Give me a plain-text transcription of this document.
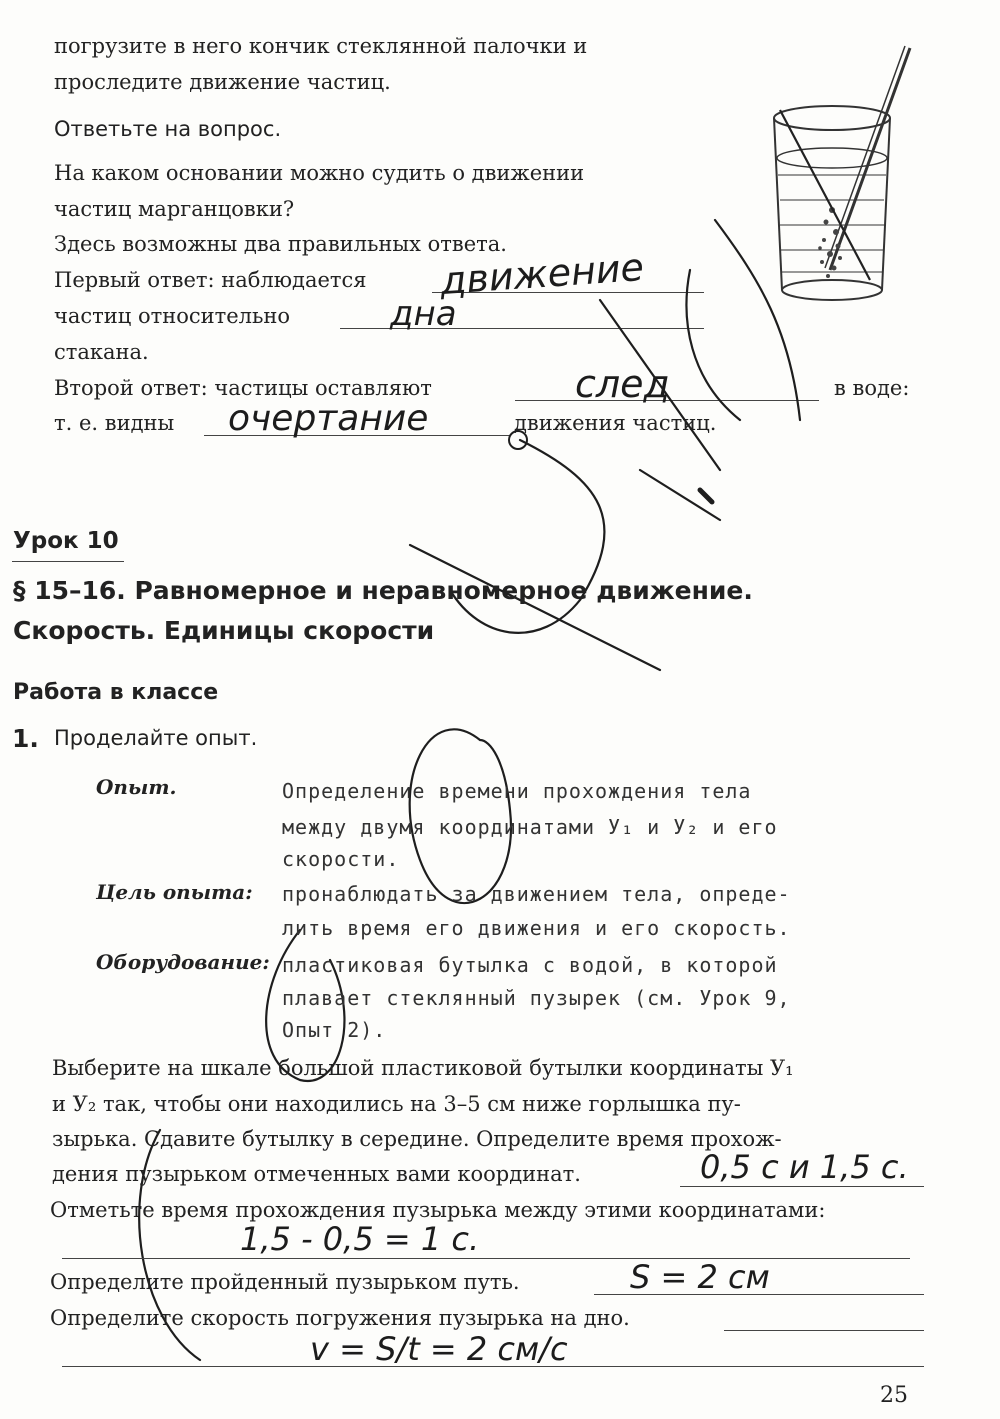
погрузите в него кончик стеклянной палочки и
проследите движение частиц.
Ответьте на вопрос.
На каком основании можно судить о движении
частиц марганцовки?
Здесь возможны два правильных ответа.
Первый ответ: наблюдается
частиц относительно
стакана.
Второй ответ: частицы оставляют	в воде:
т. е. видны	движения частиц.
движение
дна
след
очертание
Урок 10
§ 15–16. Равномерное и неравномерное движение.
Скорость. Единицы скорости
Работа в классе
1. Проделайте опыт.
Опыт.	Определение времени прохождения тела
между двумя координатами У₁ и У₂ и его
скорости.
Цель опыта: пронаблюдать за движением тела, опреде-
лить время его движения и его скорость.
Оборудование: пластиковая бутылка с водой, в которой
плавает стеклянный пузырек (см. Урок 9,
Опыт 2).
Выберите на шкале большой пластиковой бутылки координаты У₁
и У₂ так, чтобы они находились на 3–5 см ниже горлышка пу-
зырька. Сдавите бутылку в середине. Определите время прохож-
дения пузырьком отмеченных вами координат.	0,5 с и 1,5 с.
Отметьте время прохождения пузырька между этими координатами:
1,5 - 0,5 = 1 с.
Определите пройденный пузырьком путь.	S = 2 см
Определите скорость погружения пузырька на дно.
v = S/t = 2 см/с
25
